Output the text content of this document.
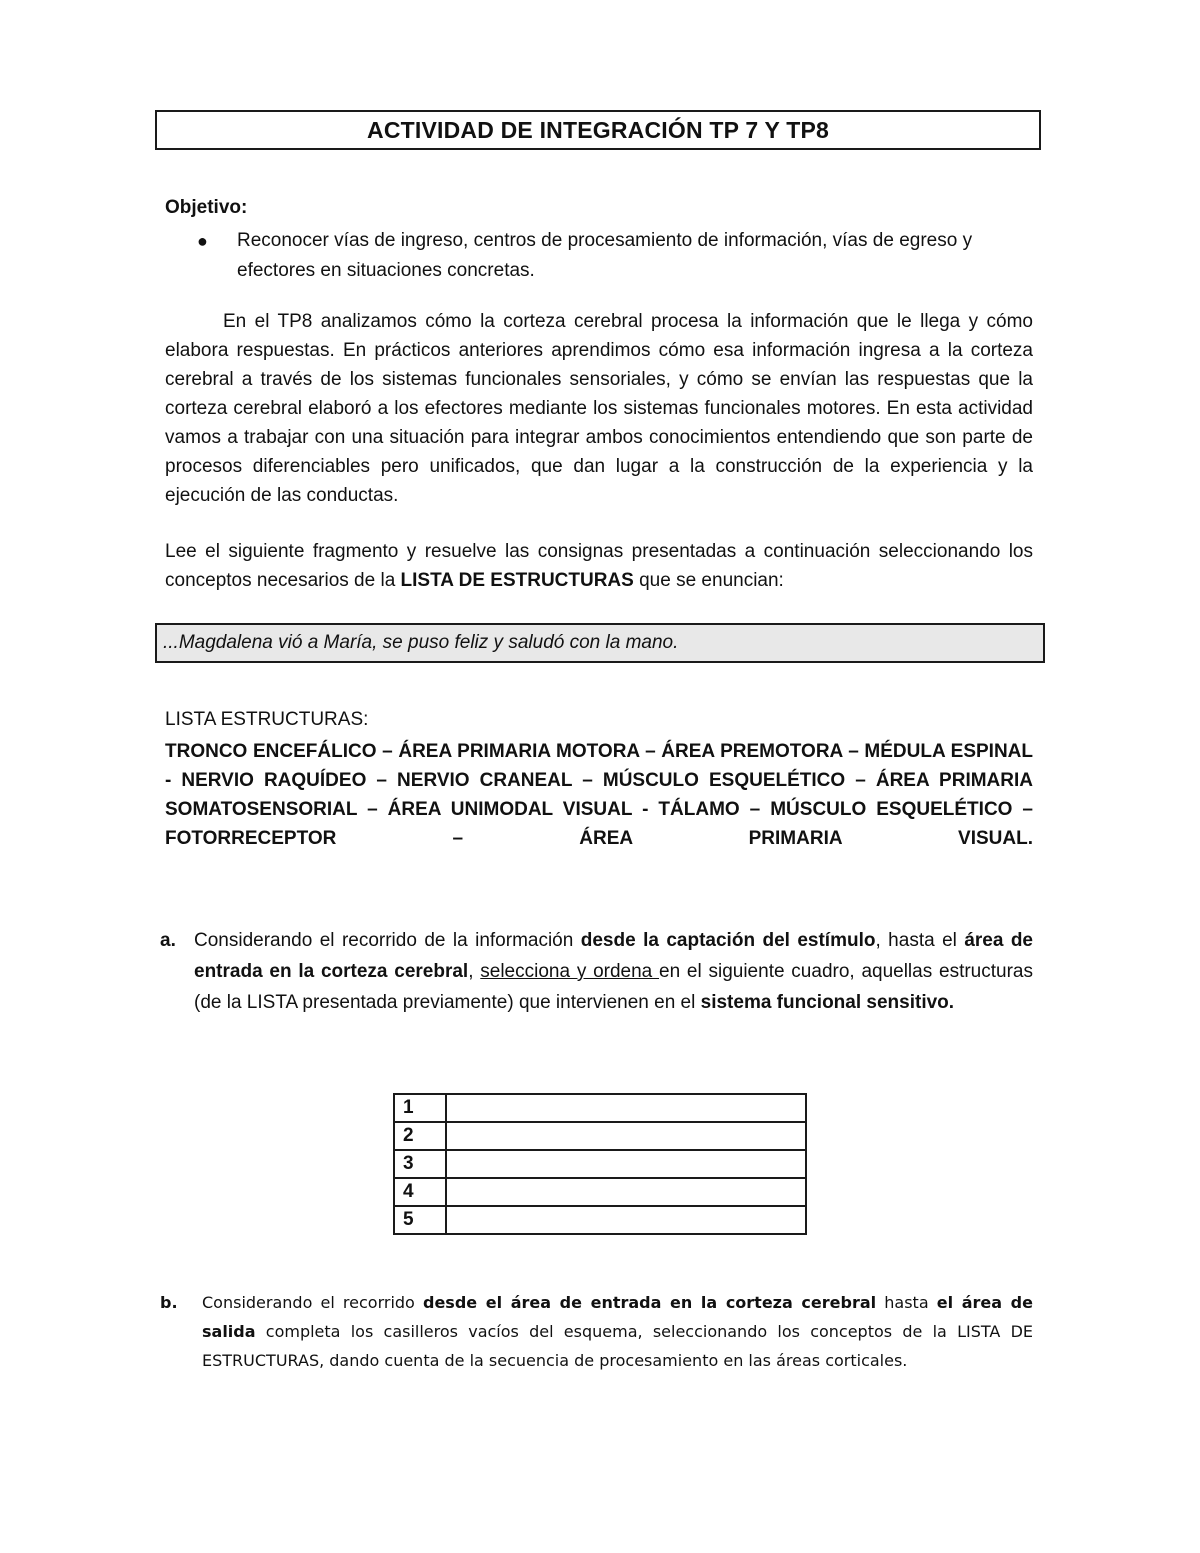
ACTIVIDAD DE INTEGRACIÓN TP 7 Y TP8
Objetivo:
● Reconocer vías de ingreso, centros de procesamiento de información, vías de egreso y efectores en situaciones concretas.
En el TP8 analizamos cómo la corteza cerebral procesa la información que le llega y cómo elabora respuestas. En prácticos anteriores aprendimos cómo esa información ingresa a la corteza cerebral a través de los sistemas funcionales sensoriales, y cómo se envían las respuestas que la corteza cerebral elaboró a los efectores mediante los sistemas funcionales motores. En esta actividad vamos a trabajar con una situación para integrar ambos conocimientos entendiendo que son parte de procesos diferenciables pero unificados, que dan lugar a la construcción de la experiencia y la ejecución de las conductas.
Lee el siguiente fragmento y resuelve las consignas presentadas a continuación seleccionando los conceptos necesarios de la LISTA DE ESTRUCTURAS que se enuncian:
...Magdalena vió a María, se puso feliz y saludó con la mano.
LISTA ESTRUCTURAS:
TRONCO ENCEFÁLICO – ÁREA PRIMARIA MOTORA – ÁREA PREMOTORA – MÉDULA ESPINAL - NERVIO RAQUÍDEO – NERVIO CRANEAL – MÚSCULO ESQUELÉTICO – ÁREA PRIMARIA SOMATOSENSORIAL – ÁREA UNIMODAL VISUAL - TÁLAMO – MÚSCULO ESQUELÉTICO – FOTORRECEPTOR – ÁREA PRIMARIA VISUAL.
a. Considerando el recorrido de la información desde la captación del estímulo, hasta el área de entrada en la corteza cerebral, selecciona y ordena en el siguiente cuadro, aquellas estructuras (de la LISTA presentada previamente) que intervienen en el sistema funcional sensitivo.
1	
2	
3	
4	
5	
b. Considerando el recorrido desde el área de entrada en la corteza cerebral hasta el área de salida completa los casilleros vacíos del esquema, seleccionando los conceptos de la LISTA DE ESTRUCTURAS, dando cuenta de la secuencia de procesamiento en las áreas corticales.
